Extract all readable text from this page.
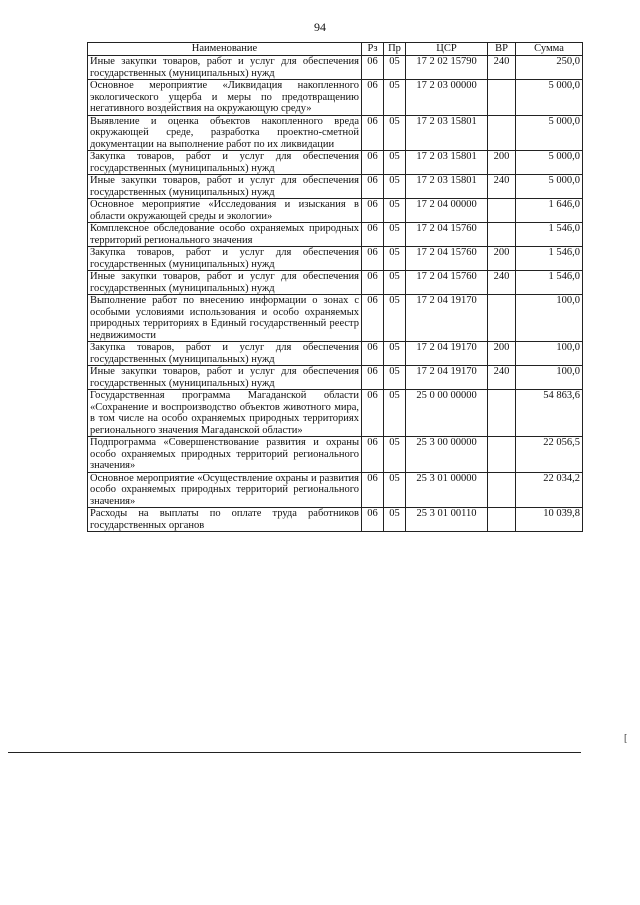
94
Наименование	Рз	Пр	ЦСР	ВР	Сумма
Иные закупки товаров, работ и услуг для обеспечения государственных (муниципальных) нужд	06	05	17 2 02 15790	240	250,0
Основное мероприятие «Ликвидация накопленного экологического ущерба и меры по предотвращению негативного воздействия на окружающую среду»	06	05	17 2 03 00000		5 000,0
Выявление и оценка объектов накопленного вреда окружающей среде, разработка проектно-сметной документации на выполнение работ по их ликвидации	06	05	17 2 03 15801		5 000,0
Закупка товаров, работ и услуг для обеспечения государственных (муниципальных) нужд	06	05	17 2 03 15801	200	5 000,0
Иные закупки товаров, работ и услуг для обеспечения государственных (муниципальных) нужд	06	05	17 2 03 15801	240	5 000,0
Основное мероприятие «Исследования и изыскания в области окружающей среды и экологии»	06	05	17 2 04 00000		1 646,0
Комплексное обследование особо охраняемых природных территорий регионального значения	06	05	17 2 04 15760		1 546,0
Закупка товаров, работ и услуг для обеспечения государственных (муниципальных) нужд	06	05	17 2 04 15760	200	1 546,0
Иные закупки товаров, работ и услуг для обеспечения государственных (муниципальных) нужд	06	05	17 2 04 15760	240	1 546,0
Выполнение работ по внесению информации о зонах с особыми условиями использования и особо охраняемых природных территориях в Единый государственный реестр недвижимости	06	05	17 2 04 19170		100,0
Закупка товаров, работ и услуг для обеспечения государственных (муниципальных) нужд	06	05	17 2 04 19170	200	100,0
Иные закупки товаров, работ и услуг для обеспечения государственных (муниципальных) нужд	06	05	17 2 04 19170	240	100,0
Государственная программа Магаданской области «Сохранение и воспроизводство объектов животного мира, в том числе на особо охраняемых природных территориях регионального значения Магаданской области»	06	05	25 0 00 00000		54 863,6
Подпрограмма «Совершенствование развития и охраны особо охраняемых природных территорий регионального значения»	06	05	25 3 00 00000		22 056,5
Основное мероприятие «Осуществление охраны и развития особо охраняемых природных территорий регионального значения»	06	05	25 3 01 00000		22 034,2
Расходы на выплаты по оплате труда работников государственных органов	06	05	25 3 01 00110		10 039,8
[
